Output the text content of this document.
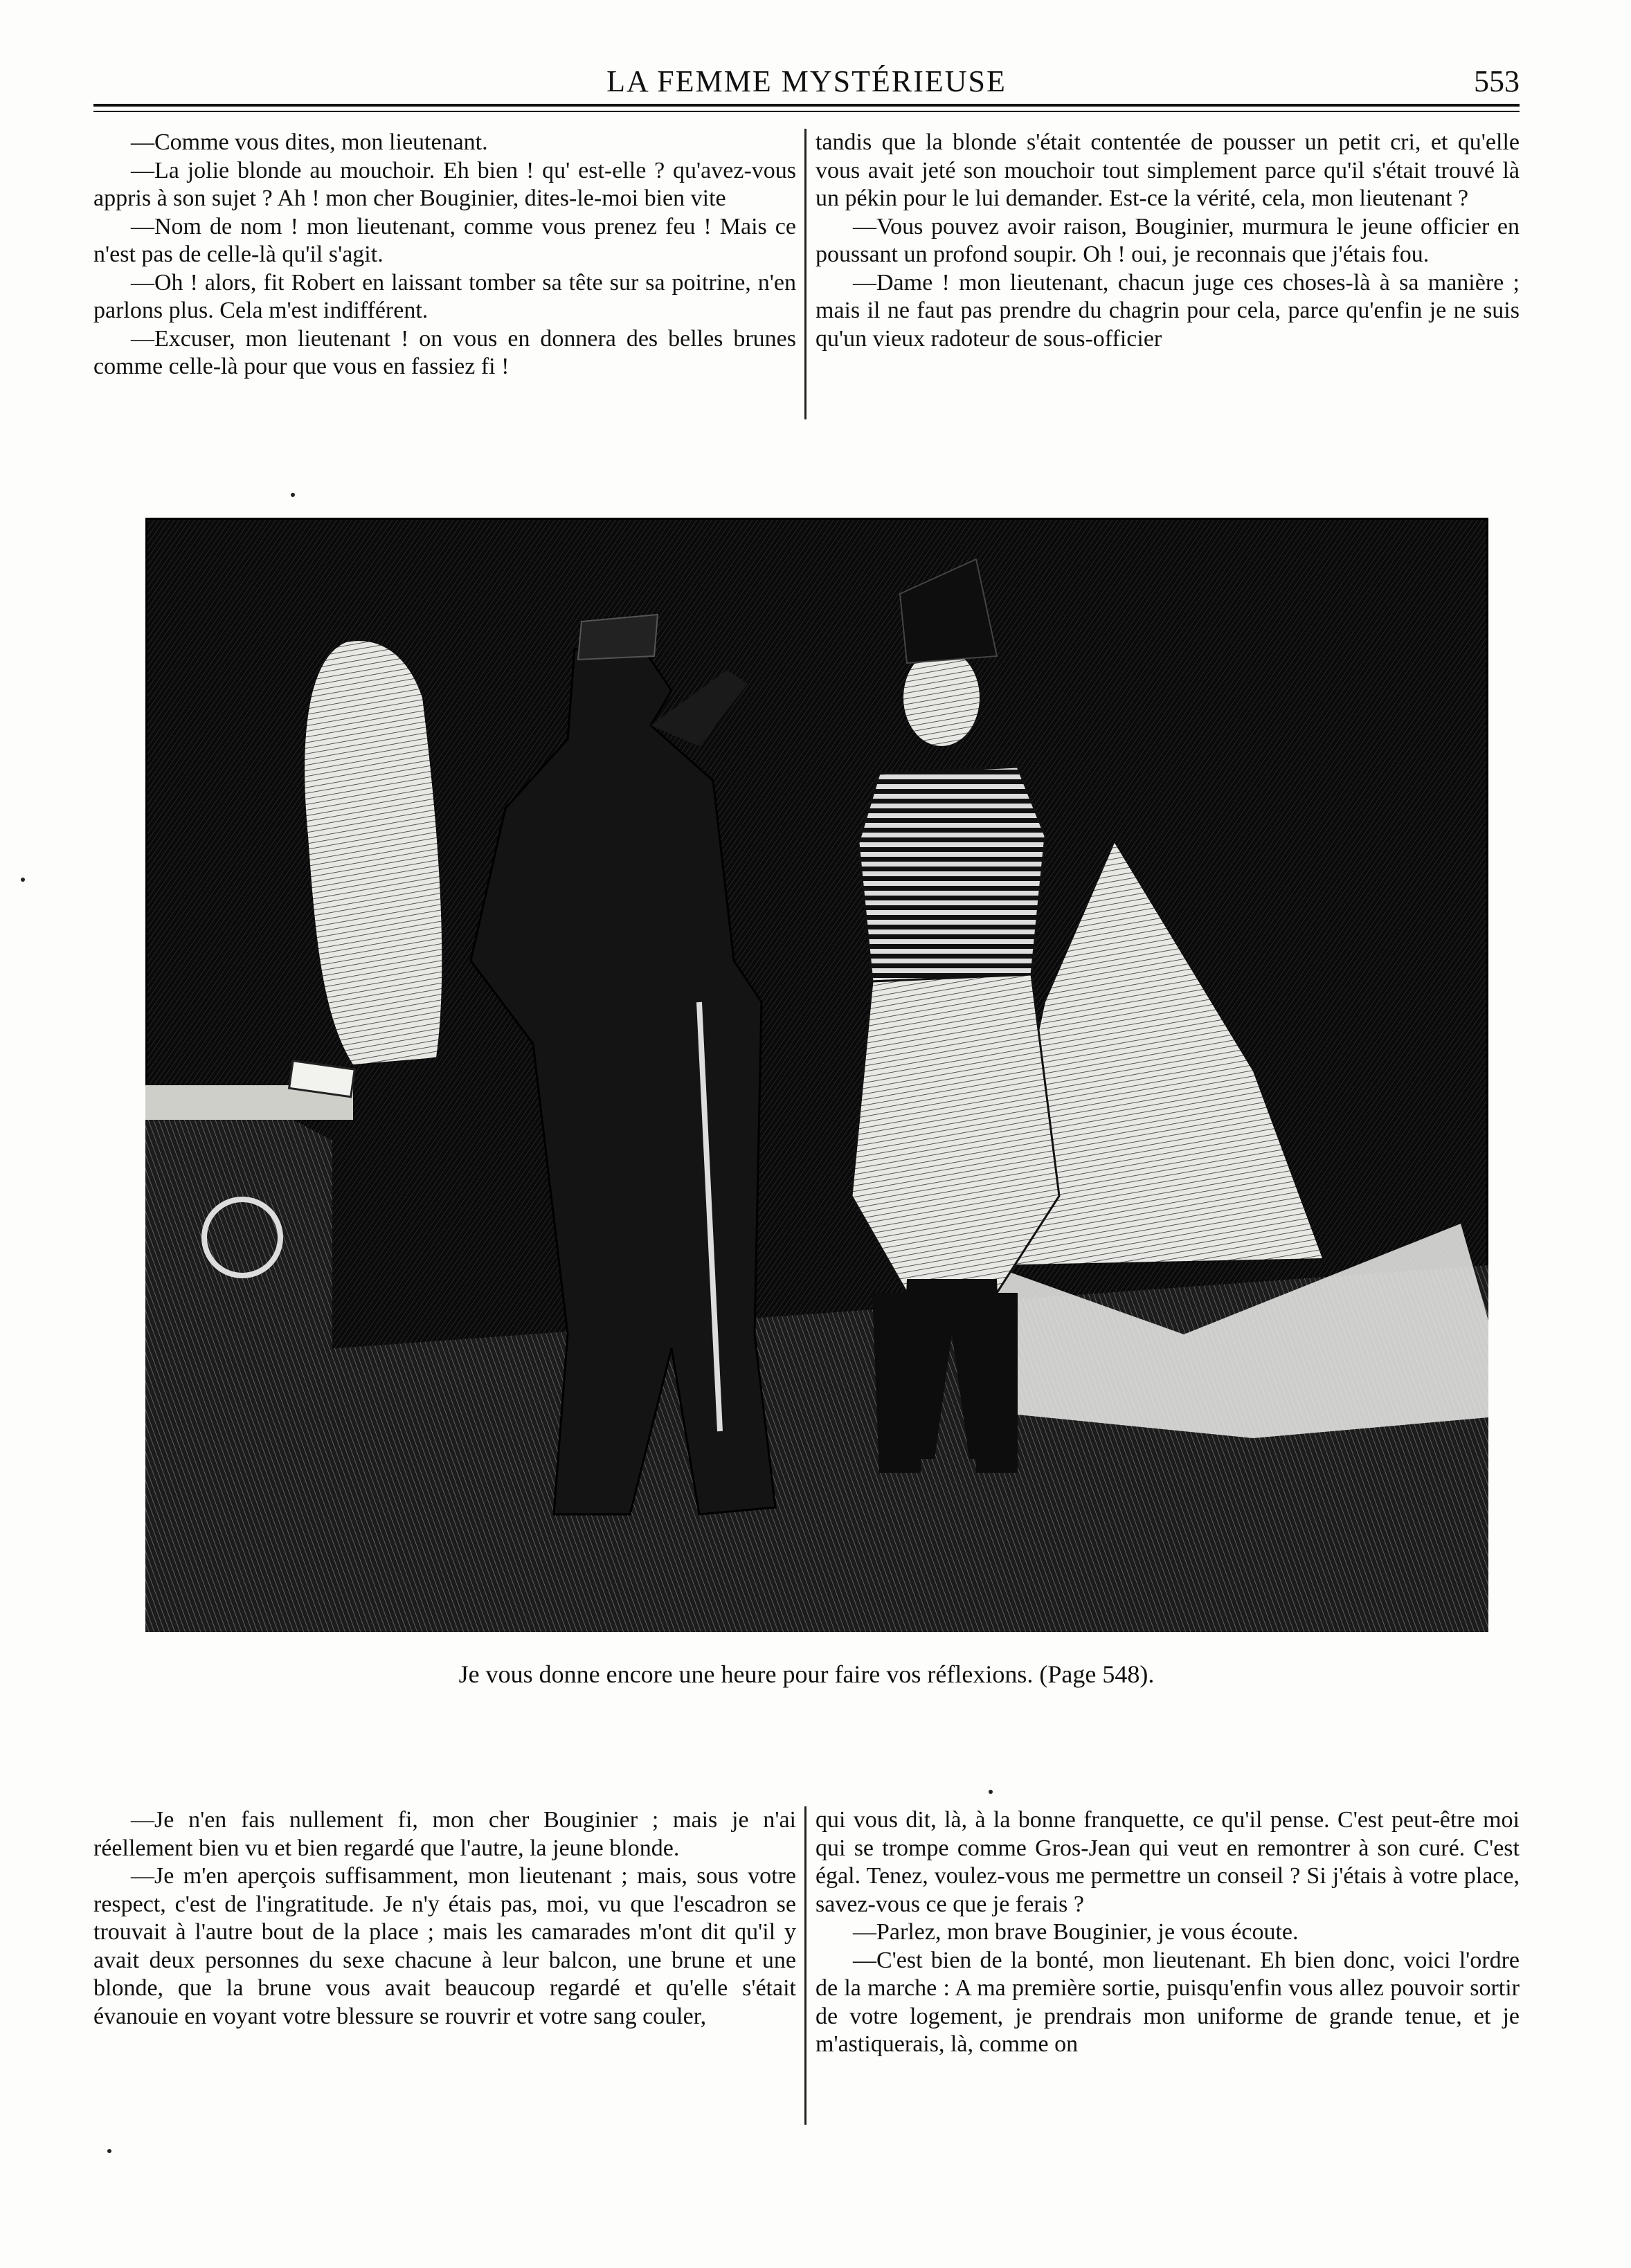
LA FEMME MYSTÉRIEUSE	553

—Comme vous dites, mon lieutenant.

—La jolie blonde au mouchoir. Eh bien ! qu' est-elle ? qu'avez-vous appris à son sujet ? Ah ! mon cher Bouginier, dites-le-moi bien vite

—Nom de nom ! mon lieutenant, comme vous prenez feu ! Mais ce n'est pas de celle-là qu'il s'agit.

—Oh ! alors, fit Robert en laissant tomber sa tête sur sa poitrine, n'en parlons plus. Cela m'est indifférent.

—Excuser, mon lieutenant ! on vous en donnera des belles brunes comme celle-là pour que vous en fassiez fi !

tandis que la blonde s'était contentée de pousser un petit cri, et qu'elle vous avait jeté son mouchoir tout simplement parce qu'il s'était trouvé là un pékin pour le lui demander. Est-ce la vérité, cela, mon lieutenant ?

—Vous pouvez avoir raison, Bouginier, murmura le jeune officier en poussant un profond soupir. Oh ! oui, je reconnais que j'étais fou.

—Dame ! mon lieutenant, chacun juge ces choses-là à sa manière ; mais il ne faut pas prendre du chagrin pour cela, parce qu'enfin je ne suis qu'un vieux radoteur de sous-officier

Je vous donne encore une heure pour faire vos réflexions. (Page 548).

—Je n'en fais nullement fi, mon cher Bouginier ; mais je n'ai réellement bien vu et bien regardé que l'autre, la jeune blonde.

—Je m'en aperçois suffisamment, mon lieutenant ; mais, sous votre respect, c'est de l'ingratitude. Je n'y étais pas, moi, vu que l'escadron se trouvait à l'autre bout de la place ; mais les camarades m'ont dit qu'il y avait deux personnes du sexe chacune à leur balcon, une brune et une blonde, que la brune vous avait beaucoup regardé et qu'elle s'était évanouie en voyant votre blessure se rouvrir et votre sang couler,

qui vous dit, là, à la bonne franquette, ce qu'il pense. C'est peut-être moi qui se trompe comme Gros-Jean qui veut en remontrer à son curé. C'est égal. Tenez, voulez-vous me permettre un conseil ? Si j'étais à votre place, savez-vous ce que je ferais ?

—Parlez, mon brave Bouginier, je vous écoute.

—C'est bien de la bonté, mon lieutenant. Eh bien donc, voici l'ordre de la marche : A ma première sortie, puisqu'enfin vous allez pouvoir sortir de votre logement, je prendrais mon uniforme de grande tenue, et je m'astiquerais, là, comme on
